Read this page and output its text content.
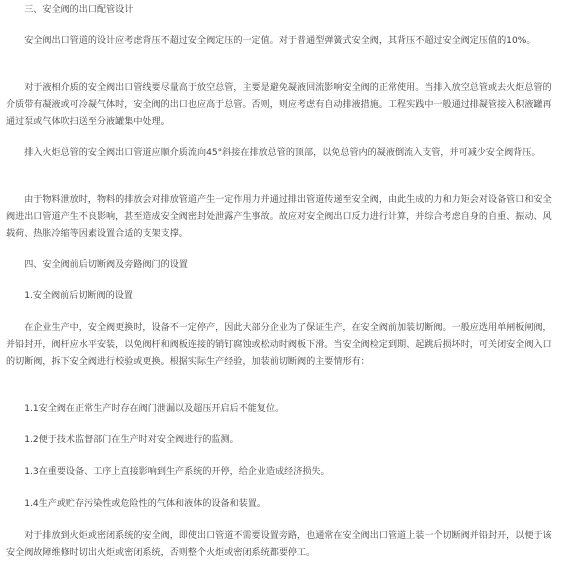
三、安全阀的出口配管设计

安全阀出口管道的设计应考虑背压不超过安全阀定压的一定值。对于普通型弹簧式安全阀，其背压不超过安全阀定压值的10%。

对于液相介质的安全阀出口管线要尽量高于放空总管，主要是避免凝液回流影响安全阀的正常使用。当排入放空总管或去火炬总管的介质带有凝液或可冷凝气体时，安全阀的出口也应高于总管。否则，则应考虑有自动排液措施。工程实践中一般通过排凝管接入积液罐再通过泵或气体吹扫送至分液罐集中处理。

排入火炬总管的安全阀出口管道应顺介质流向45°斜接在排放总管的顶部，以免总管内的凝液倒流入支管，并可减少安全阀背压。

由于物料泄放时，物料的排放会对排放管道产生一定作用力并通过排出管道传递至安全阀，由此生成的力和力矩会对设备管口和安全阀进出口管道产生不良影响，甚至造成安全阀密封处泄露产生事故。故应对安全阀出口反力进行计算，并综合考虑自身的自重、振动、风载荷、热胀冷缩等因素设置合适的支架支撑。

四、安全阀前后切断阀及旁路阀门的设置

1.安全阀前后切断阀的设置

阀门

在企业生产中，安全阀更换时，设备不一定停产，因此大部分企业为了保证生产，在安全阀前加装切断阀。一般应选用单闸板闸阀，并铅封开，阀杆应水平安装，以免阀杆和阀板连接的销钉腐蚀或松动时阀板下滑。当安全阀检定到期、起跳后损坏时，可关闭安全阀入口的切断阀，拆下安全阀进行校验或更换。根据实际生产经验，加装前切断阀的主要情形有：

1.1安全阀在正常生产时存在阀门泄漏以及超压开启后不能复位。

1.2便于技术监督部门在生产时对安全阀进行的监测。

1.3在重要设备、工序上直接影响到生产系统的开停，给企业造成经济损失。

1.4生产或贮存污染性或危险性的气体和液体的设备和装置。

对于排放到火炬或密闭系统的安全阀，即使出口管道不需要设置旁路，也通常在安全阀出口管道上装一个切断阀并铅封开，以便于该安全阀故障维修时切出火炬或密闭系统，否则整个火炬或密闭系统都要停工。
